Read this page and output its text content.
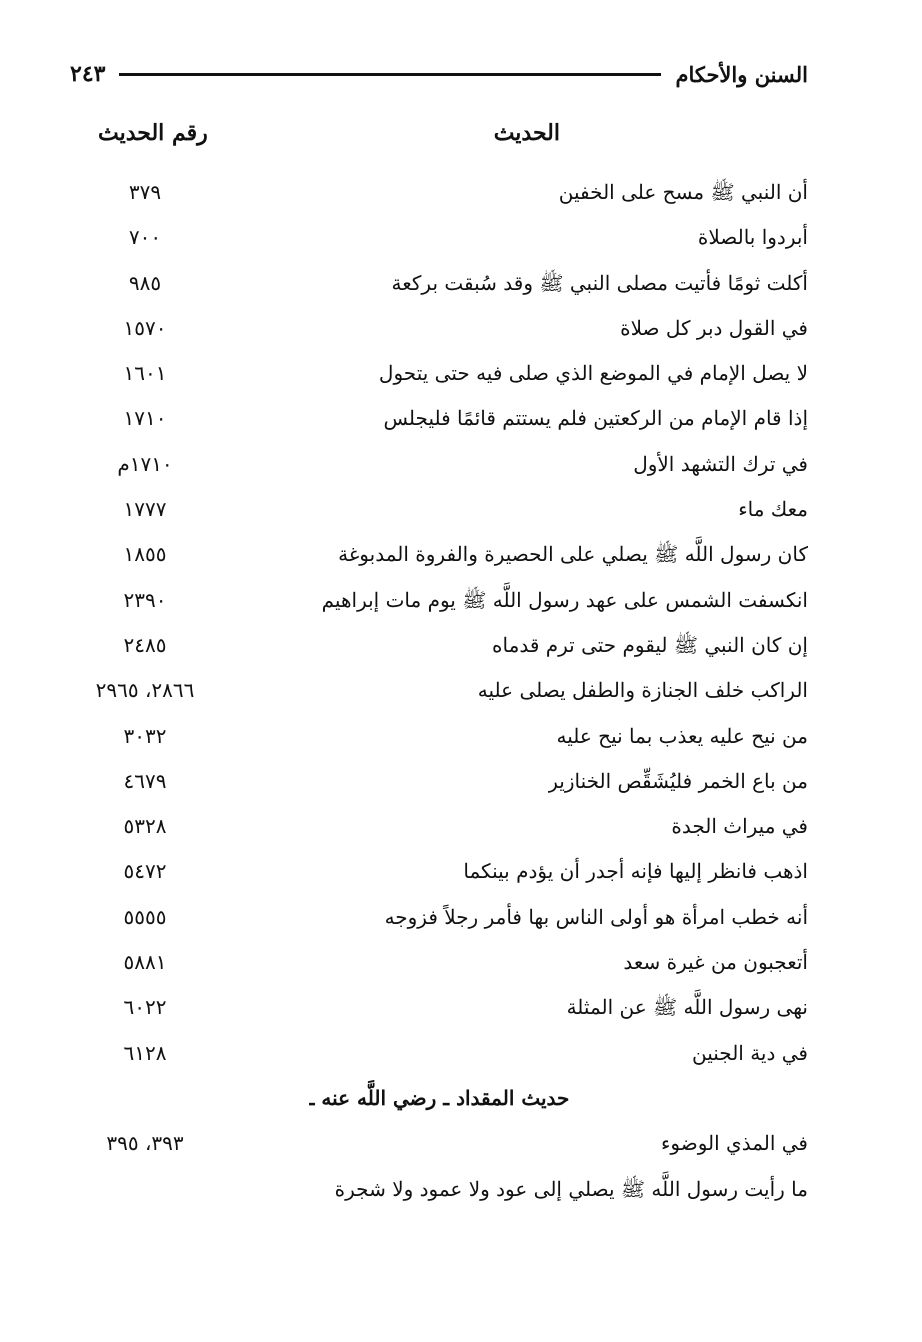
السنن والأحكام
٢٤٣
الحديث
رقم الحديث
أن النبي ﷺ مسح على الخفين
٣٧٩
أبردوا بالصلاة
٧٠٠
أكلت ثومًا فأتيت مصلى النبي ﷺ وقد سُبقت بركعة
٩٨٥
في القول دبر كل صلاة
١٥٧٠
لا يصل الإمام في الموضع الذي صلى فيه حتى يتحول
١٦٠١
إذا قام الإمام من الركعتين فلم يستتم قائمًا فليجلس
١٧١٠
في ترك التشهد الأول
١٧١٠م
معك ماء
١٧٧٧
كان رسول اللَّه ﷺ يصلي على الحصيرة والفروة المدبوغة
١٨٥٥
انكسفت الشمس على عهد رسول اللَّه ﷺ يوم مات إبراهيم
٢٣٩٠
إن كان النبي ﷺ ليقوم حتى ترم قدماه
٢٤٨٥
الراكب خلف الجنازة والطفل يصلى عليه
٢٨٦٦، ٢٩٦٥
من نيح عليه يعذب بما نيح عليه
٣٠٣٢
من باع الخمر فليُشَقِّص الخنازير
٤٦٧٩
في ميراث الجدة
٥٣٢٨
اذهب فانظر إليها فإنه أجدر أن يؤدم بينكما
٥٤٧٢
أنه خطب امرأة هو أولى الناس بها فأمر رجلاً فزوجه
٥٥٥٥
أتعجبون من غيرة سعد
٥٨٨١
نهى رسول اللَّه ﷺ عن المثلة
٦٠٢٢
في دية الجنين
٦١٢٨
حديث المقداد ـ رضي اللَّه عنه ـ
في المذي الوضوء
٣٩٣، ٣٩٥
ما رأيت رسول اللَّه ﷺ يصلي إلى عود ولا عمود ولا شجرة
